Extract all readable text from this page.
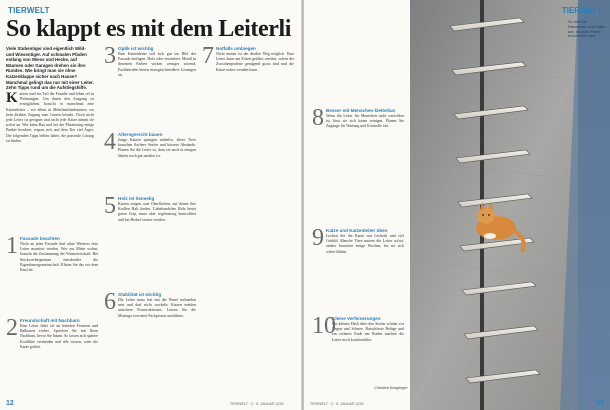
TIERWELT
So klappt es mit dem Leiterli
Viele Stubentiger sind eigentlich Wild- und Wiesentiger. Auf schmalen Pfaden entlang von Wiese und Hecke, auf Bäumen oder Garagen drehen sie ihre Runden. Wie bringt man sie ohne Katzenklappe sicher nach Hause? Manchmal gelingt das nur mit einer Leiter. Zehn Tipps rund um die Aufstiegshilfe.
K atzen sind ein Teil der Familie und leben oft in Wohnungen. Um ihnen den Ausgang zu ermöglichen, braucht es manchmal eine Katzenleiter – vor allem in Mehrfamilienhäusern, wo kein direkter Zugang zum Garten besteht. Doch nicht jede Leiter ist geeignet und nicht jede Katze nimmt sie sofort an. Wer beim Bau und bei der Platzierung einige Punkte beachtet, erspart sich und dem Tier viel Ärger. Die folgenden Tipps helfen dabei, die passende Lösung zu finden.
1 Fassade beachten
Nicht an jeder Fassade darf ohne Weiteres eine Leiter montiert werden. Wer zur Miete wohnt, braucht die Zustimmung der Vermieterschaft. Bei Stockwerkeigentum entscheidet die Eigentümergemeinschaft. Klären Sie das vor dem Kauf ab.
2 Freundschaft mit Nachbarn
Eine Leiter führt oft an fremden Fenstern und Balkonen vorbei. Sprechen Sie mit Ihren Nachbarn, bevor Sie bauen. So lassen sich spätere Konflikte vermeiden und alle wissen, wem die Katze gehört.
3 Optik ist wichtig
Eine Katzenleiter soll sich gut ins Bild der Fassade einfügen. Holz oder verzinktes Metall in dezenten Farben wirken weniger störend. Fachbetriebe bieten massgeschneiderte Lösungen an.
4 Altersgerecht bauen
Junge Katzen springen mühelos, ältere Tiere brauchen flachere Stufen und kürzere Abstände. Planen Sie die Leiter so, dass sie auch in einigen Jahren noch gut nutzbar ist.
5 Holz ist heimelig
Katzen mögen raue Oberflächen, auf denen ihre Krallen Halt finden. Unbehandeltes Holz bietet guten Grip, muss aber regelmässig kontrolliert und bei Bedarf ersetzt werden.
6 Stabilität ist wichtig
Die Leiter muss fest mit der Wand verbunden sein und darf nicht wackeln. Katzen meiden unsichere Konstruktionen. Lassen Sie die Montage von einer Fachperson ausführen.
7 Notfalls umbiegen
Nicht immer ist der direkte Weg möglich. Eine Leiter kann um Ecken geführt werden, sofern die Zwischenpodeste genügend gross sind und die Katze sicher wenden kann.
12	TIERWELT · 2 · 8. JANUAR 2015
8 Besser mit Menschen kletterbar
Wenn die Leiter für Menschen nicht erreichbar ist, lässt sie sich kaum reinigen. Planen Sie Zugänge für Wartung und Kontrolle ein.
9 Katze und Katzenleiter üben
Locken Sie die Katze mit Leckerli und viel Geduld. Manche Tiere nutzen die Leiter sofort, andere brauchen einige Wochen, bis sie sich sicher fühlen.
10
Kleine Verfeinerungen
Ein kleines Dach über den Stufen schützt vor Regen und Schnee. Rutschfeste Beläge und ein sicheres Ende am Boden machen die Leiter noch komfortabler.
Christine Burgheger
So sieht die Katzenleiter zum Fallen aus, die jeder Punkt 7 beschreiben wird
TIERWELT
TIERWELT · 2 · 8. JANUAR 2015	13
